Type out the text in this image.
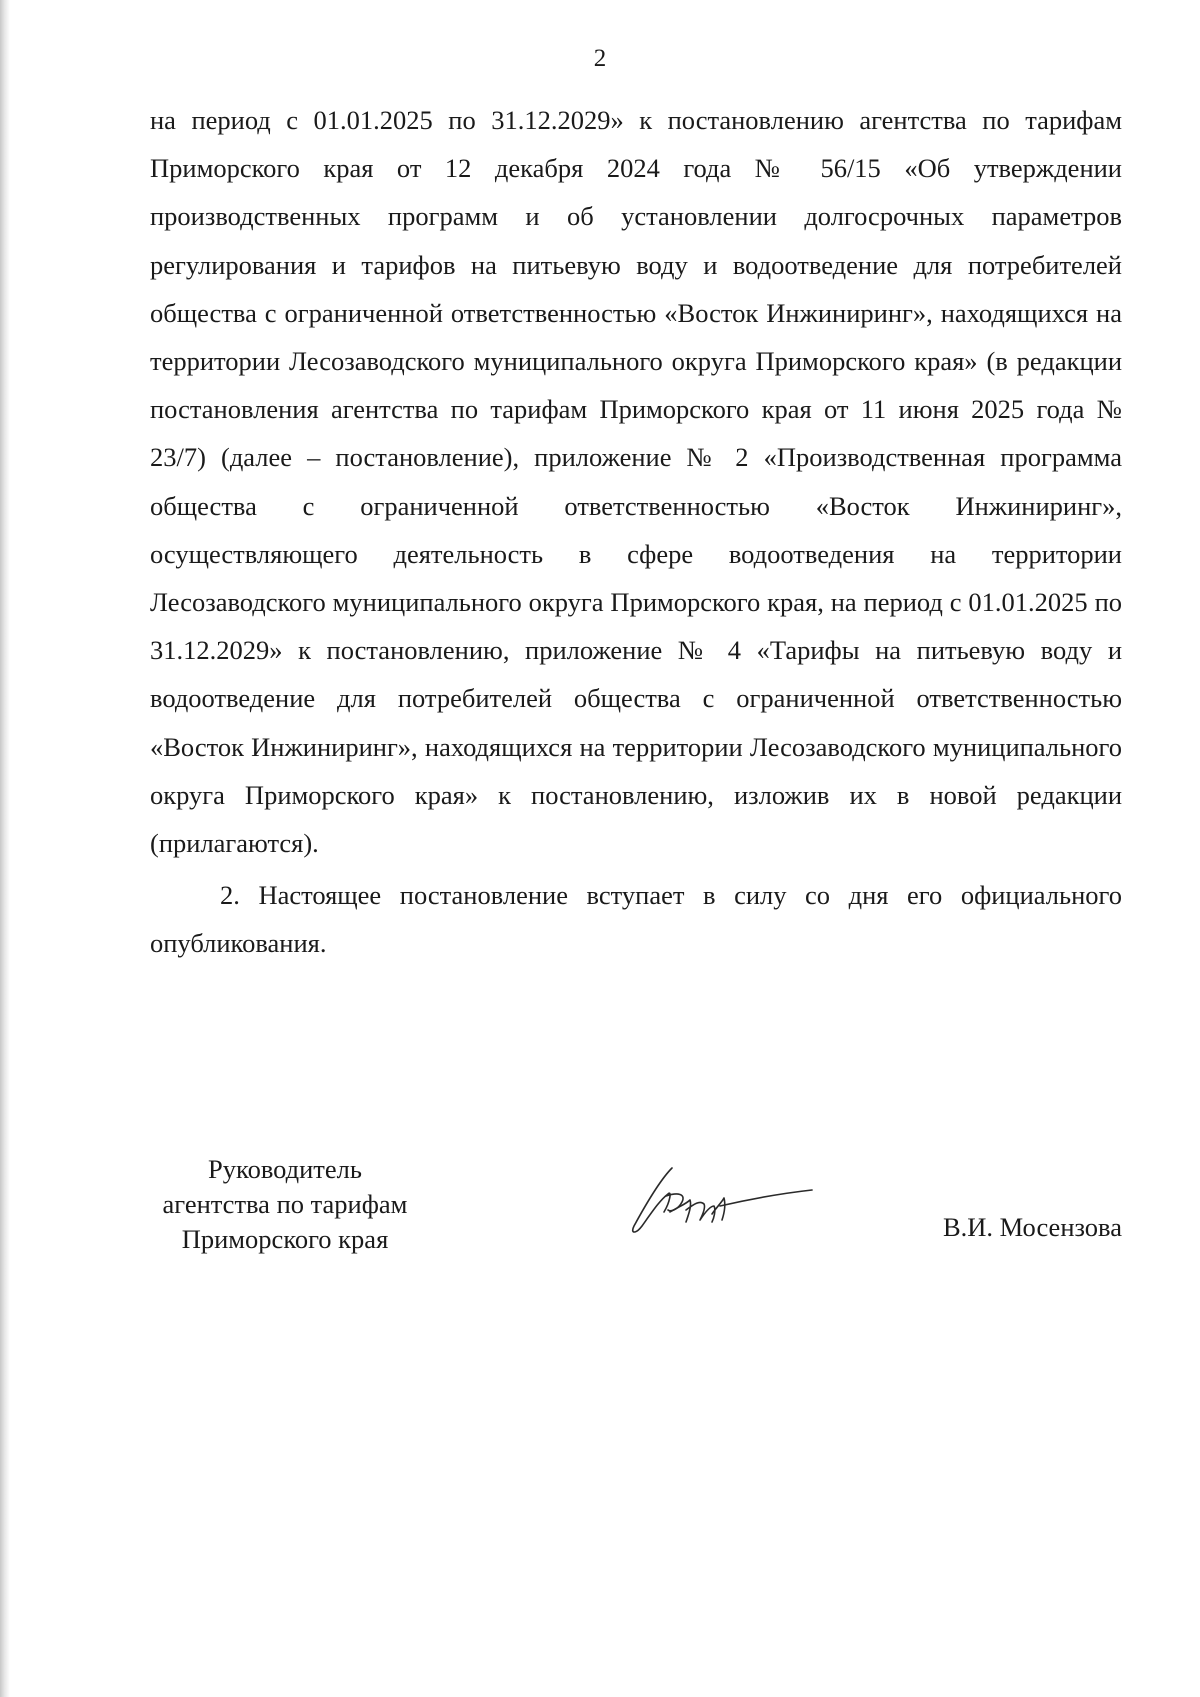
2

на период с 01.01.2025 по 31.12.2029» к постановлению агентства по тарифам Приморского края от 12 декабря 2024 года № 56/15 «Об утверждении производственных программ и об установлении долгосрочных параметров регулирования и тарифов на питьевую воду и водоотведение для потребителей общества с ограниченной ответственностью «Восток Инжиниринг», находящихся на территории Лесозаводского муниципального округа Приморского края» (в редакции постановления агентства по тарифам Приморского края от 11 июня 2025 года № 23/7) (далее – постановление), приложение № 2 «Производственная программа общества с ограниченной ответственностью «Восток Инжиниринг», осуществляющего деятельность в сфере водоотведения на территории Лесозаводского муниципального округа Приморского края, на период с 01.01.2025 по 31.12.2029» к постановлению, приложение № 4 «Тарифы на питьевую воду и водоотведение для потребителей общества с ограниченной ответственностью «Восток Инжиниринг», находящихся на территории Лесозаводского муниципального округа Приморского края» к постановлению, изложив их в новой редакции (прилагаются).

2. Настоящее постановление вступает в силу со дня его официального опубликования.

Руководитель
агентства по тарифам
Приморского края	В.И. Мосензова
